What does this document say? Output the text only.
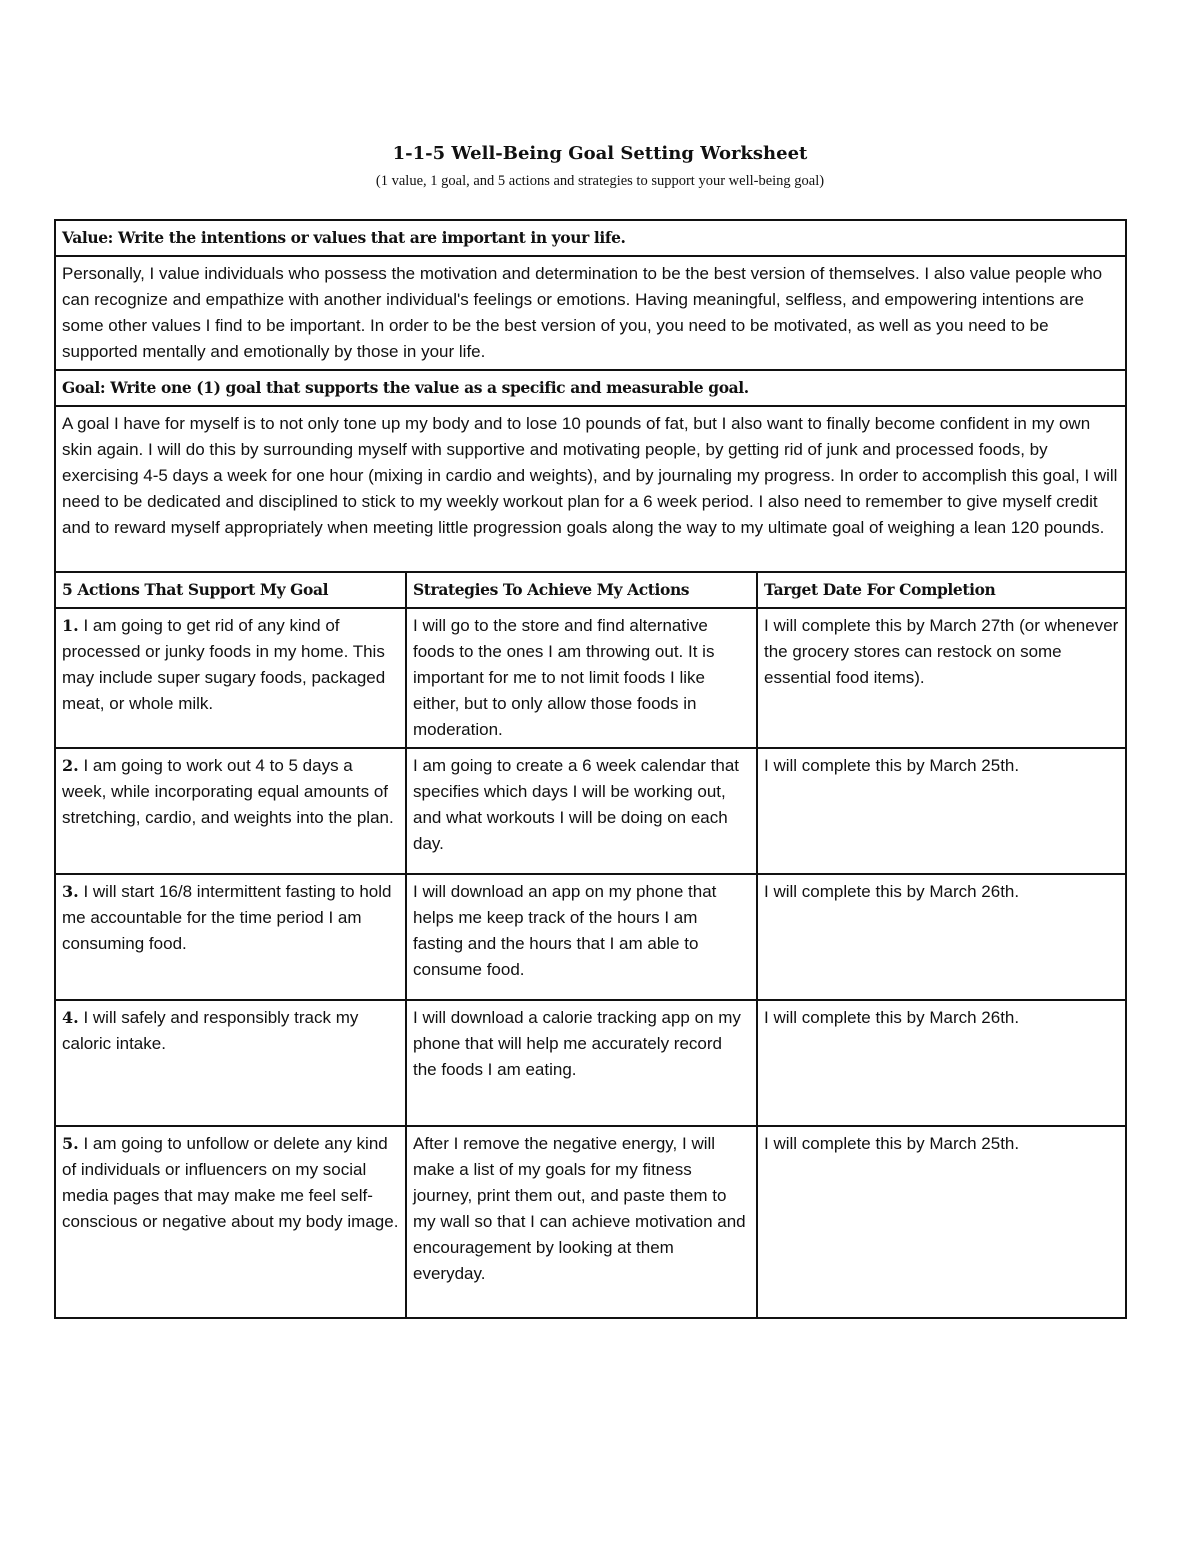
1-1-5 Well-Being Goal Setting Worksheet
(1 value, 1 goal, and 5 actions and strategies to support your well-being goal)
Value: Write the intentions or values that are important in your life.		
Personally, I value individuals who possess the motivation and determination to be the best version of themselves. I also value people who can recognize and empathize with another individual's feelings or emotions. Having meaningful, selfless, and empowering intentions are some other values I find to be important. In order to be the best version of you, you need to be motivated, as well as you need to be supported mentally and emotionally by those in your life.		
Goal: Write one (1) goal that supports the value as a specific and measurable goal.		
A goal I have for myself is to not only tone up my body and to lose 10 pounds of fat, but I also want to finally become confident in my own skin again. I will do this by surrounding myself with supportive and motivating people, by getting rid of junk and processed foods, by exercising 4-5 days a week for one hour (mixing in cardio and weights), and by journaling my progress. In order to accomplish this goal, I will need to be dedicated and disciplined to stick to my weekly workout plan for a 6 week period. I also need to remember to give myself credit and to reward myself appropriately when meeting little progression goals along the way to my ultimate goal of weighing a lean 120 pounds.		
5 Actions That Support My Goal	Strategies To Achieve My Actions	Target Date For Completion
1. I am going to get rid of any kind of processed or junky foods in my home. This may include super sugary foods, packaged meat, or whole milk.	I will go to the store and find alternative foods to the ones I am throwing out. It is important for me to not limit foods I like either, but to only allow those foods in moderation.	I will complete this by March 27th (or whenever the grocery stores can restock on some essential food items).
2. I am going to work out 4 to 5 days a week, while incorporating equal amounts of stretching, cardio, and weights into the plan.	I am going to create a 6 week calendar that specifies which days I will be working out, and what workouts I will be doing on each day.	I will complete this by March 25th.
3. I will start 16/8 intermittent fasting to hold me accountable for the time period I am consuming food.	I will download an app on my phone that helps me keep track of the hours I am fasting and the hours that I am able to consume food.	I will complete this by March 26th.
4. I will safely and responsibly track my caloric intake.	I will download a calorie tracking app on my phone that will help me accurately record the foods I am eating.	I will complete this by March 26th.
5. I am going to unfollow or delete any kind of individuals or influencers on my social media pages that may make me feel self-conscious or negative about my body image.	After I remove the negative energy, I will make a list of my goals for my fitness journey, print them out, and paste them to my wall so that I can achieve motivation and encouragement by looking at them everyday.	I will complete this by March 25th.
